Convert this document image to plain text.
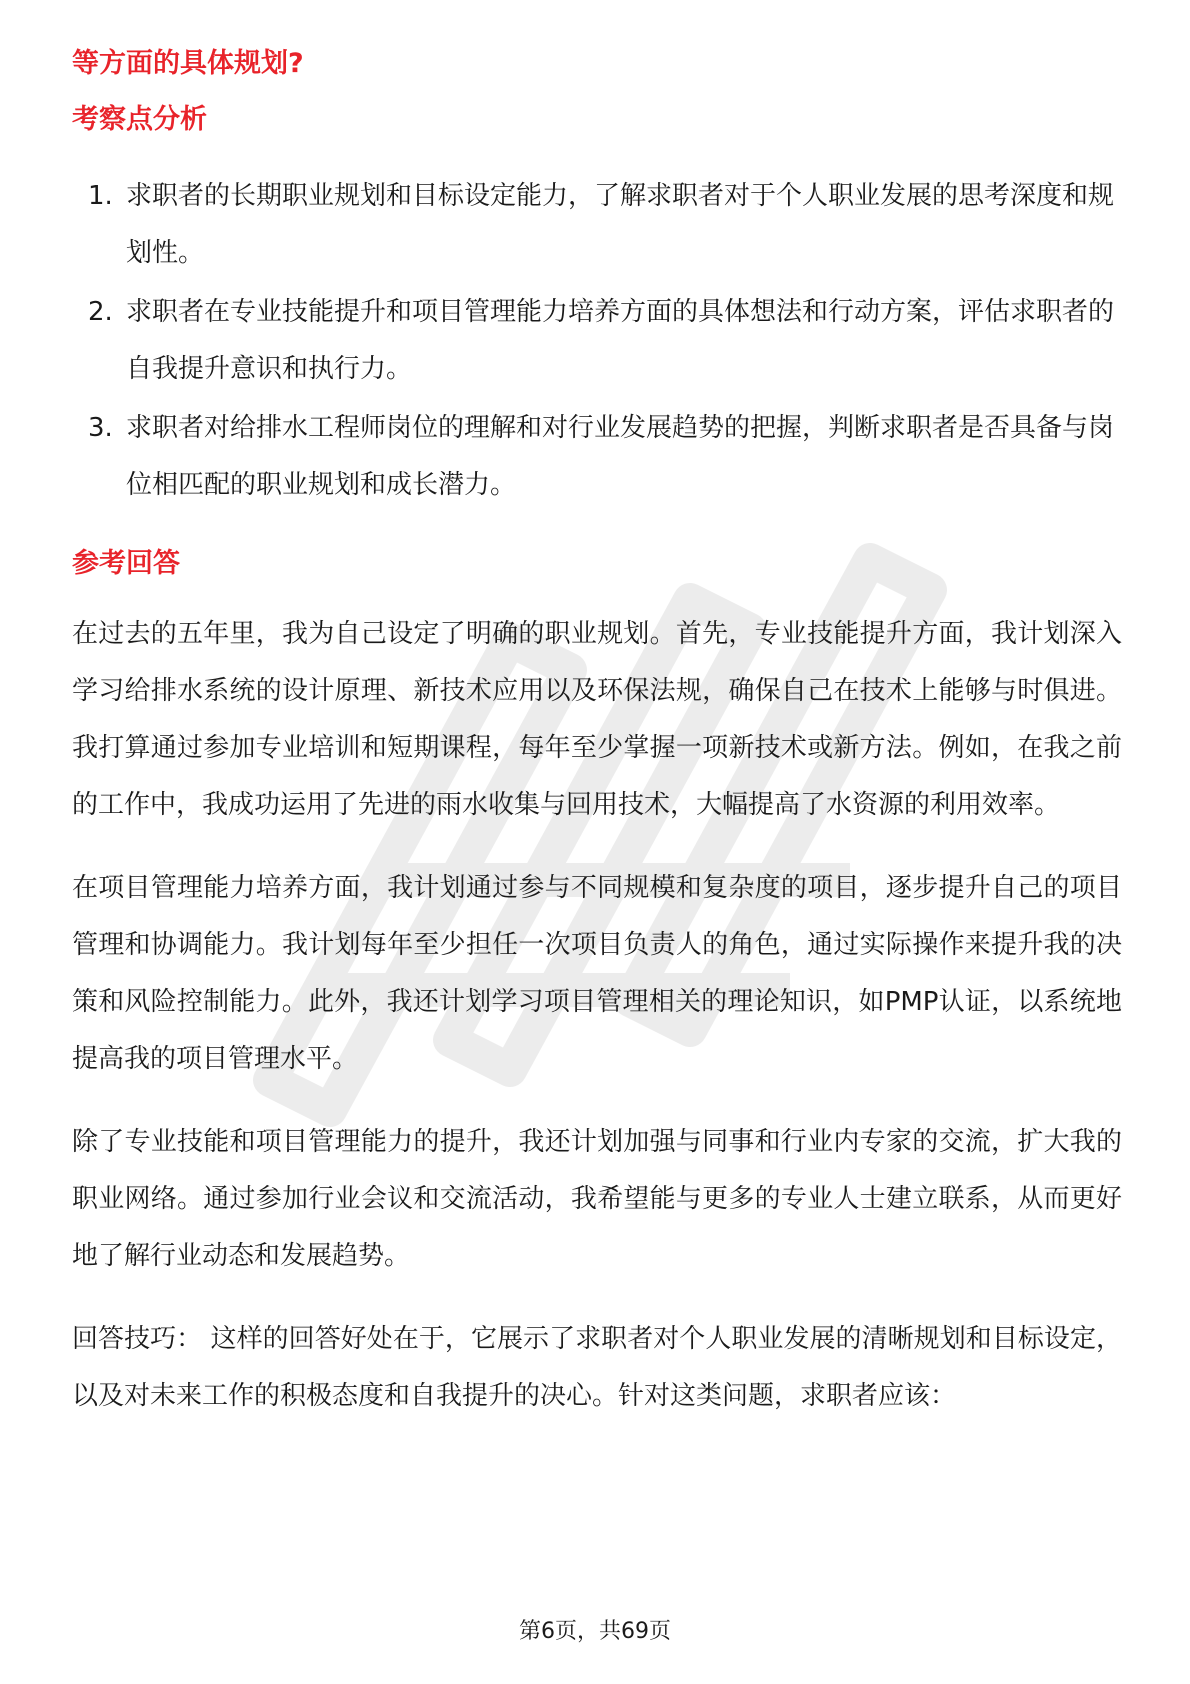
等方面的具体规划?
考察点分析
1. 求职者的长期职业规划和目标设定能力，了解求职者对于个人职业发展的思考深度和规划性。
2. 求职者在专业技能提升和项目管理能力培养方面的具体想法和行动方案，评估求职者的自我提升意识和执行力。
3. 求职者对给排水工程师岗位的理解和对行业发展趋势的把握，判断求职者是否具备与岗位相匹配的职业规划和成长潜力。
参考回答

在过去的五年里，我为自己设定了明确的职业规划。首先，专业技能提升方面，我计划深入学习给排水系统的设计原理、新技术应用以及环保法规，确保自己在技术上能够与时俱进。我打算通过参加专业培训和短期课程，每年至少掌握一项新技术或新方法。例如，在我之前的工作中，我成功运用了先进的雨水收集与回用技术，大幅提高了水资源的利用效率。

在项目管理能力培养方面，我计划通过参与不同规模和复杂度的项目，逐步提升自己的项目管理和协调能力。我计划每年至少担任一次项目负责人的角色，通过实际操作来提升我的决策和风险控制能力。此外，我还计划学习项目管理相关的理论知识，如PMP认证，以系统地提高我的项目管理水平。

除了专业技能和项目管理能力的提升，我还计划加强与同事和行业内专家的交流，扩大我的职业网络。通过参加行业会议和交流活动，我希望能与更多的专业人士建立联系，从而更好地了解行业动态和发展趋势。

回答技巧： 这样的回答好处在于，它展示了求职者对个人职业发展的清晰规划和目标设定，以及对未来工作的积极态度和自我提升的决心。针对这类问题，求职者应该：

第6页，共69页
